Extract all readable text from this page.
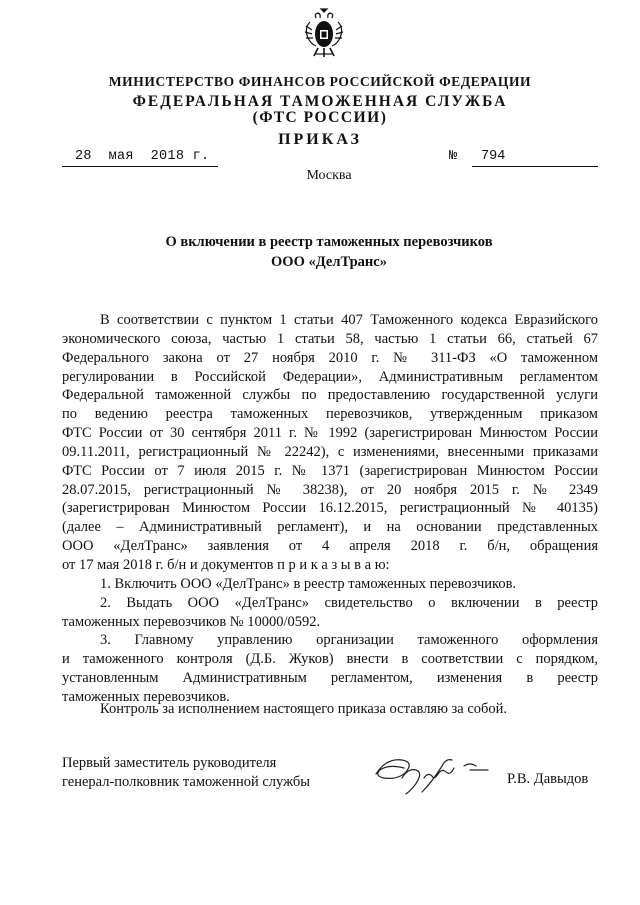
МИНИСТЕРСТВО ФИНАНСОВ РОССИЙСКОЙ ФЕДЕРАЦИИ
ФЕДЕРАЛЬНАЯ ТАМОЖЕННАЯ СЛУЖБА
(ФТС РОССИИ)
ПРИКАЗ
28  мая  2018 г.	№ 794
Москва
О включении в реестр таможенных перевозчиков
ООО «ДелТранс»
В соответствии с пунктом 1 статьи 407 Таможенного кодекса Евразийского
экономического союза, частью 1 статьи 58, частью 1 статьи 66, статьей 67
Федерального закона от 27 ноября 2010 г. № 311-ФЗ «О таможенном
регулировании в Российской Федерации», Административным регламентом
Федеральной таможенной службы по предоставлению государственной услуги
по ведению реестра таможенных перевозчиков, утвержденным приказом
ФТС России от 30 сентября 2011 г. № 1992 (зарегистрирован Минюстом России
09.11.2011, регистрационный № 22242), с изменениями, внесенными приказами
ФТС России от 7 июля 2015 г. № 1371 (зарегистрирован Минюстом России
28.07.2015, регистрационный № 38238), от 20 ноября 2015 г. № 2349
(зарегистрирован Минюстом России 16.12.2015, регистрационный № 40135)
(далее – Административный регламент), и на основании представленных
ООО «ДелТранс» заявления от 4 апреля 2018 г. б/н, обращения
от 17 мая 2018 г. б/н и документов п р и к а з ы в а ю:
1. Включить ООО «ДелТранс» в реестр таможенных перевозчиков.
2. Выдать ООО «ДелТранс» свидетельство о включении в реестр
таможенных перевозчиков № 10000/0592.
3. Главному управлению организации таможенного оформления
и таможенного контроля (Д.Б. Жуков) внести в соответствии с порядком,
установленным Административным регламентом, изменения в реестр
таможенных перевозчиков.
Контроль за исполнением настоящего приказа оставляю за собой.
Первый заместитель руководителя
генерал-полковник таможенной службы	Р.В. Давыдов
